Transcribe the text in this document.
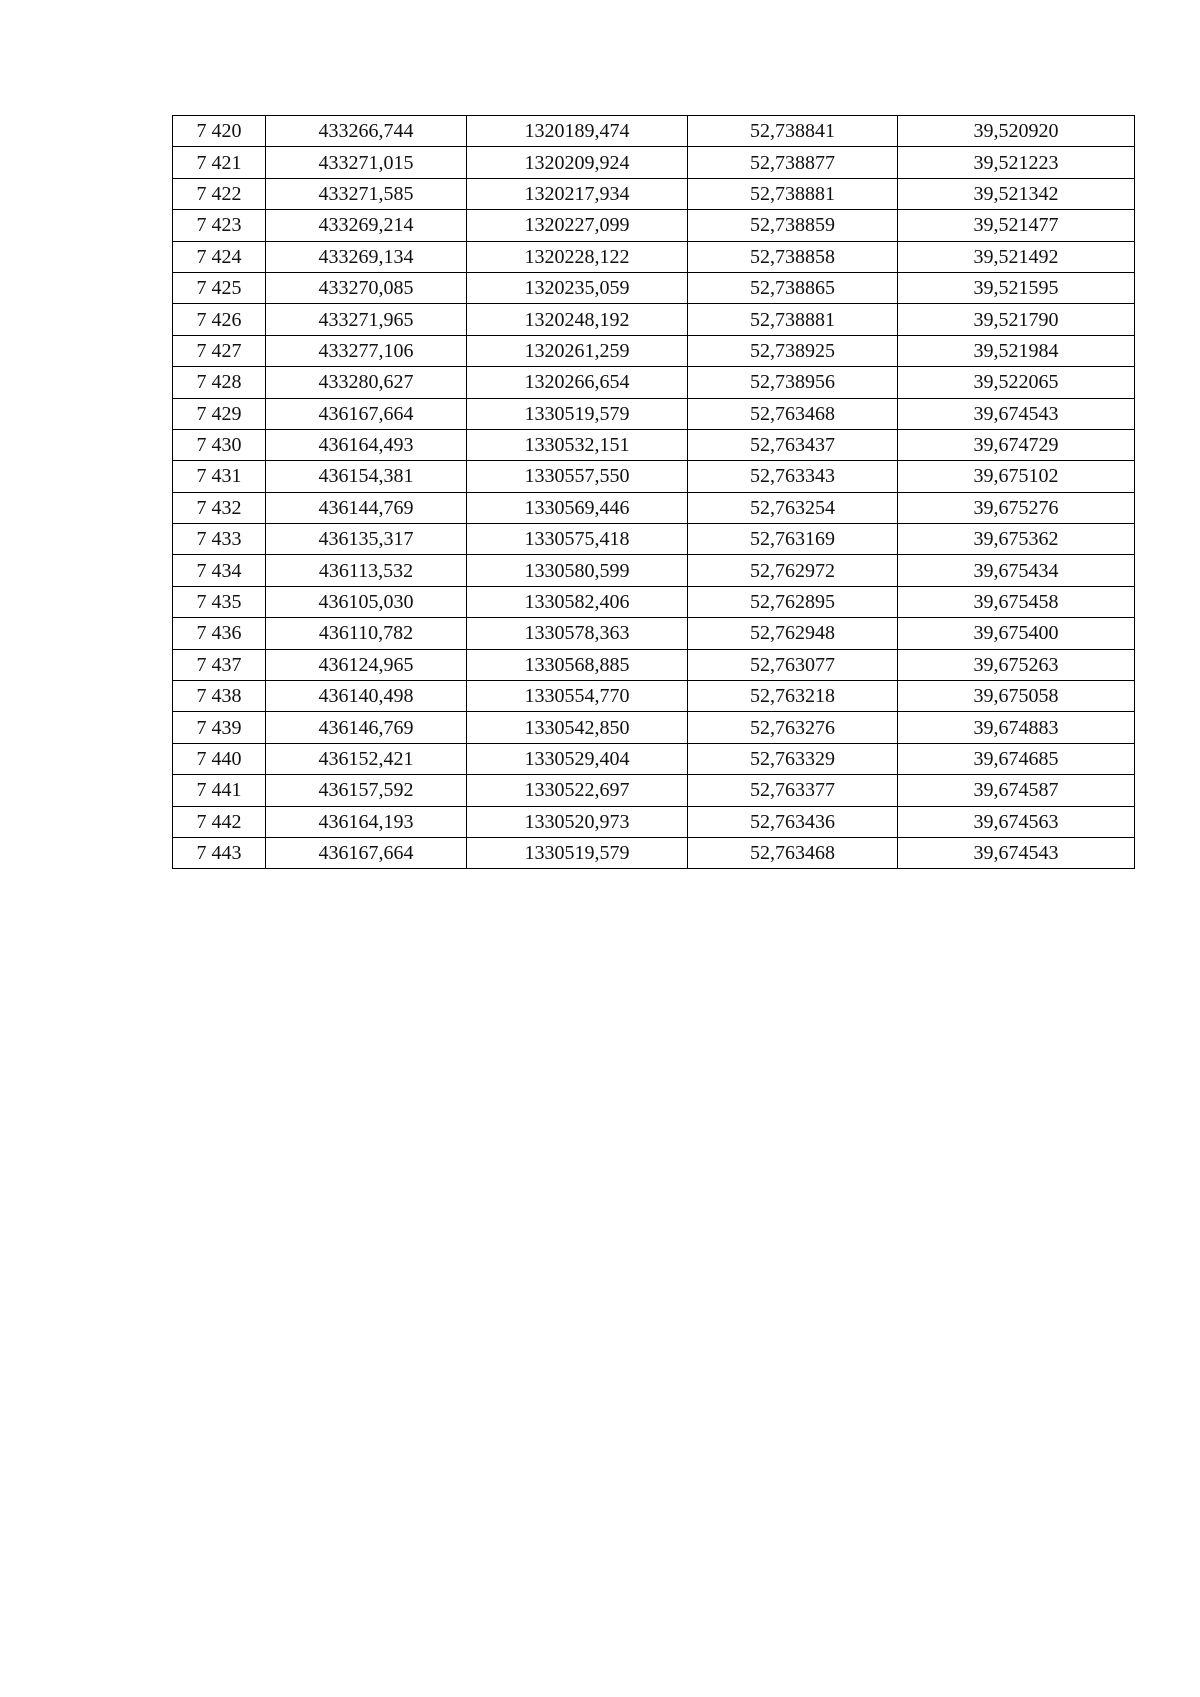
7 420	433266,744	1320189,474	52,738841	39,520920
7 421	433271,015	1320209,924	52,738877	39,521223
7 422	433271,585	1320217,934	52,738881	39,521342
7 423	433269,214	1320227,099	52,738859	39,521477
7 424	433269,134	1320228,122	52,738858	39,521492
7 425	433270,085	1320235,059	52,738865	39,521595
7 426	433271,965	1320248,192	52,738881	39,521790
7 427	433277,106	1320261,259	52,738925	39,521984
7 428	433280,627	1320266,654	52,738956	39,522065
7 429	436167,664	1330519,579	52,763468	39,674543
7 430	436164,493	1330532,151	52,763437	39,674729
7 431	436154,381	1330557,550	52,763343	39,675102
7 432	436144,769	1330569,446	52,763254	39,675276
7 433	436135,317	1330575,418	52,763169	39,675362
7 434	436113,532	1330580,599	52,762972	39,675434
7 435	436105,030	1330582,406	52,762895	39,675458
7 436	436110,782	1330578,363	52,762948	39,675400
7 437	436124,965	1330568,885	52,763077	39,675263
7 438	436140,498	1330554,770	52,763218	39,675058
7 439	436146,769	1330542,850	52,763276	39,674883
7 440	436152,421	1330529,404	52,763329	39,674685
7 441	436157,592	1330522,697	52,763377	39,674587
7 442	436164,193	1330520,973	52,763436	39,674563
7 443	436167,664	1330519,579	52,763468	39,674543
